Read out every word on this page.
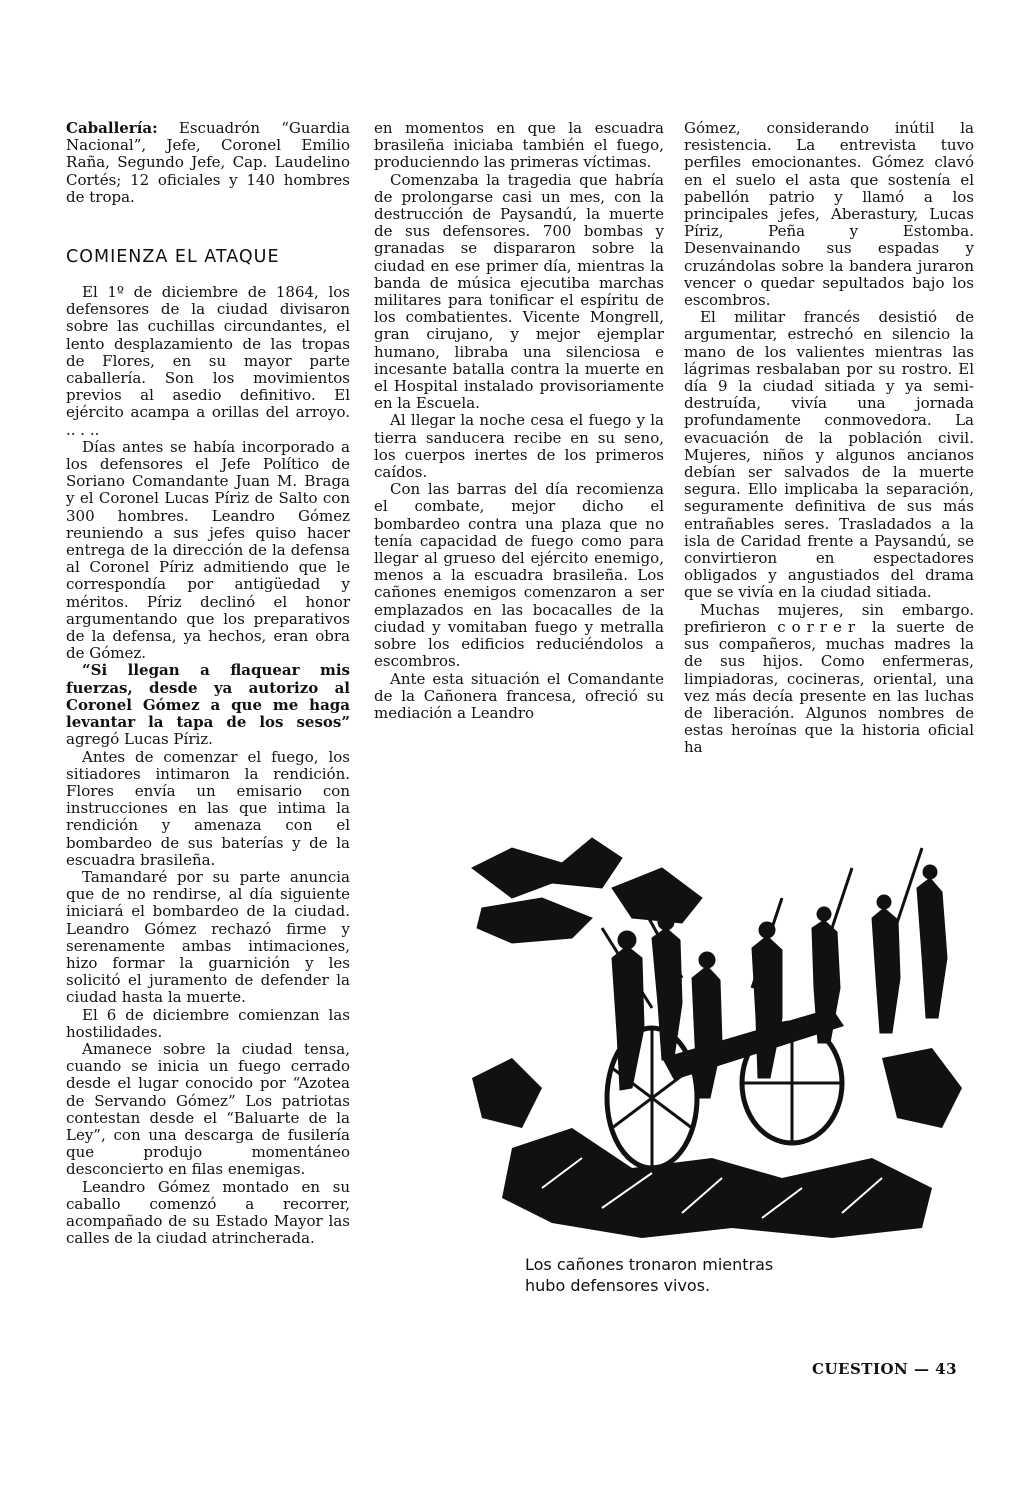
Caballería: Escuadrón “Guardia Nacional”, Jefe, Coronel Emilio Raña, Segundo Jefe, Cap. Laudelino Cortés; 12 oficiales y 140 hombres de tropa.

COMIENZA EL ATAQUE

El 1º de diciembre de 1864, los defensores de la ciudad divisaron sobre las cuchillas circundantes, el lento desplazamiento de las tropas de Flores, en su mayor parte caballería. Son los movimientos previos al asedio definitivo. El ejército acampa a orillas del arroyo. .. . ..

Días antes se había incorporado a los defensores el Jefe Político de Soriano Comandante Juan M. Braga y el Coronel Lucas Píriz de Salto con 300 hombres. Leandro Gómez reuniendo a sus jefes quiso hacer entrega de la dirección de la defensa al Coronel Píriz admitiendo que le correspondía por antigüedad y méritos. Píriz declinó el honor argumentando que los preparativos de la defensa, ya hechos, eran obra de Gómez.

“Si llegan a flaquear mis fuerzas, desde ya autorizo al Coronel Gómez a que me haga levantar la tapa de los sesos” agregó Lucas Píriz.

Antes de comenzar el fuego, los sitiadores intimaron la rendición. Flores envía un emisario con instrucciones en las que intima la rendición y amenaza con el bombardeo de sus baterías y de la escuadra brasileña.

Tamandaré por su parte anuncia que de no rendirse, al día siguiente iniciará el bombardeo de la ciudad. Leandro Gómez rechazó firme y serenamente ambas intimaciones, hizo formar la guarnición y les solicitó el juramento de defender la ciudad hasta la muerte.

El 6 de diciembre comienzan las hostilidades.

Amanece sobre la ciudad tensa, cuando se inicia un fuego cerrado desde el lugar conocido por “Azotea de Servando Gómez” Los patriotas contestan desde el “Baluarte de la Ley”, con una descarga de fusilería que produjo momentáneo desconcierto en filas enemigas.

Leandro Gómez montado en su caballo comenzó a recorrer, acompañado de su Estado Mayor las calles de la ciudad atrincherada.

en momentos en que la escuadra brasileña iniciaba también el fuego, producienndo las primeras víctimas.

Comenzaba la tragedia que habría de prolongarse casi un mes, con la destrucción de Paysandú, la muerte de sus defensores. 700 bombas y granadas se dispararon sobre la ciudad en ese primer día, mientras la banda de música ejecutiba marchas militares para tonificar el espíritu de los combatientes. Vicente Mongrell, gran cirujano, y mejor ejemplar humano, libraba una silenciosa e incesante batalla contra la muerte en el Hospital instalado provisoriamente en la Escuela.

Al llegar la noche cesa el fuego y la tierra sanducera recibe en su seno, los cuerpos inertes de los primeros caídos.

Con las barras del día recomienza el combate, mejor dicho el bombardeo contra una plaza que no tenía capacidad de fuego como para llegar al grueso del ejército enemigo, menos a la escuadra brasileña. Los cañones enemigos comenzaron a ser emplazados en las bocacalles de la ciudad y vomitaban fuego y metralla sobre los edificios reduciéndolos a escombros.

Ante esta situación el Comandante de la Cañonera francesa, ofreció su mediación a Leandro

Gómez, considerando inútil la resistencia. La entrevista tuvo perfiles emocionantes. Gómez clavó en el suelo el asta que sostenía el pabellón patrio y llamó a los principales jefes, Aberastury, Lucas Píriz, Peña y Estomba. Desenvainando sus espadas y cruzándolas sobre la bandera juraron vencer o quedar sepultados bajo los escombros.

El militar francés desistió de argumentar, estrechó en silencio la mano de los valientes mientras las lágrimas resbalaban por su rostro. El día 9 la ciudad sitiada y ya semi-destruída, vivía una jornada profundamente conmovedora. La evacuación de la población civil. Mujeres, niños y algunos ancianos debían ser salvados de la muerte segura. Ello implicaba la separación, seguramente definitiva de sus más entrañables seres. Trasladados a la isla de Caridad frente a Paysandú, se convirtieron en espectadores obligados y angustiados del drama que se vivía en la ciudad sitiada.

Muchas mujeres, sin embargo. prefirieron correr la suerte de sus compañeros, muchas madres la de sus hijos. Como enfermeras, limpiadoras, cocineras, oriental, una vez más decía presente en las luchas de liberación. Algunos nombres de estas heroínas que la historia oficial ha

Los cañones tronaron mientras
hubo defensores vivos.
CUESTION — 43
